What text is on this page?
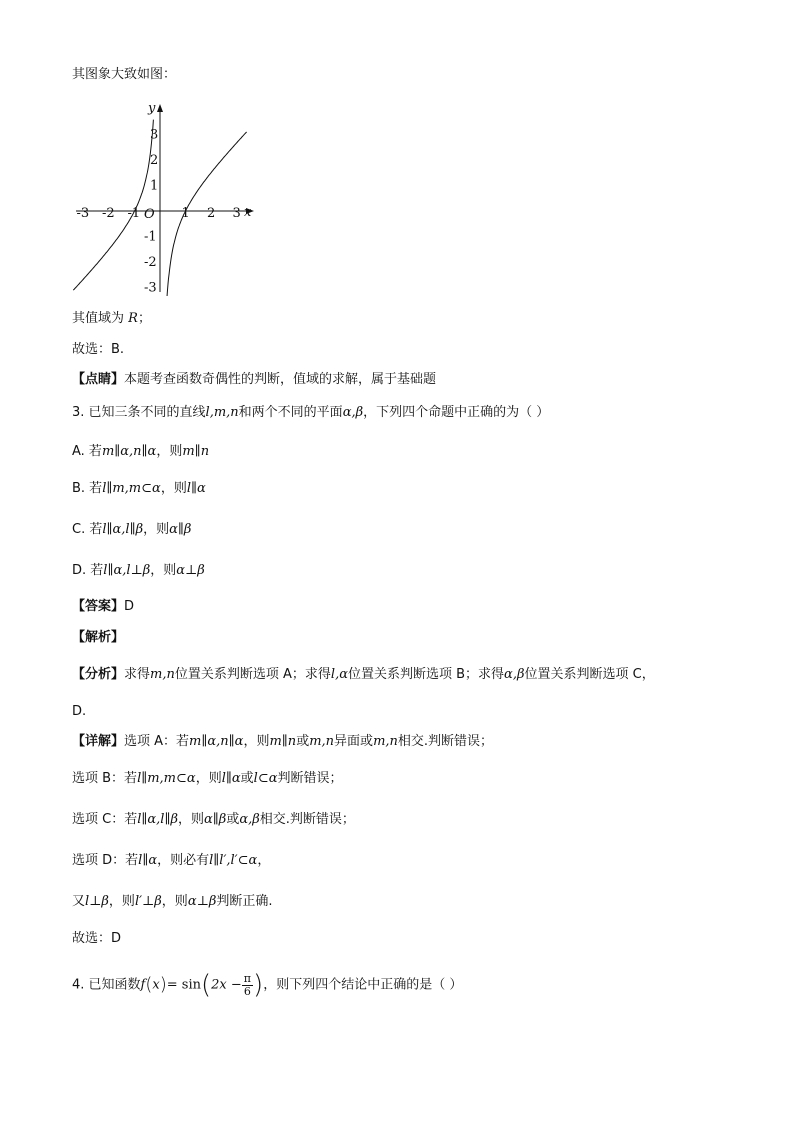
其图象大致如图：
-3 -2 -1	1 2 3
3
2
1
-1
-2
-3
x
y
O
其值域为 R；
故选：B.
【点睛】本题考查函数奇偶性的判断，值域的求解，属于基础题
3. 已知三条不同的直线l,m,n和两个不同的平面α,β，下列四个命题中正确的为（ ）
A. 若m∥α,n∥α，则m∥n
B. 若l∥m,m⊂α，则l∥α
C. 若l∥α,l∥β，则α∥β
D. 若l∥α,l⊥β，则α⊥β
【答案】D
【解析】
【分析】求得m,n位置关系判断选项 A；求得l,α位置关系判断选项 B；求得α,β位置关系判断选项 C，
D.
【详解】选项 A：若m∥α,n∥α，则m∥n或m,n异面或m,n相交.判断错误；
选项 B：若l∥m,m⊂α，则l∥α或l⊂α判断错误；
选项 C：若l∥α,l∥β，则α∥β或α,β相交.判断错误；
选项 D：若l∥α，则必有l∥l′,l′⊂α，
又l⊥β，则l′⊥β，则α⊥β判断正确.
故选：D
4. 已知函数$f(x)= \sin(2x - \frac{\pi}{6}$ )，则下列四个结论中正确的是（ ）
